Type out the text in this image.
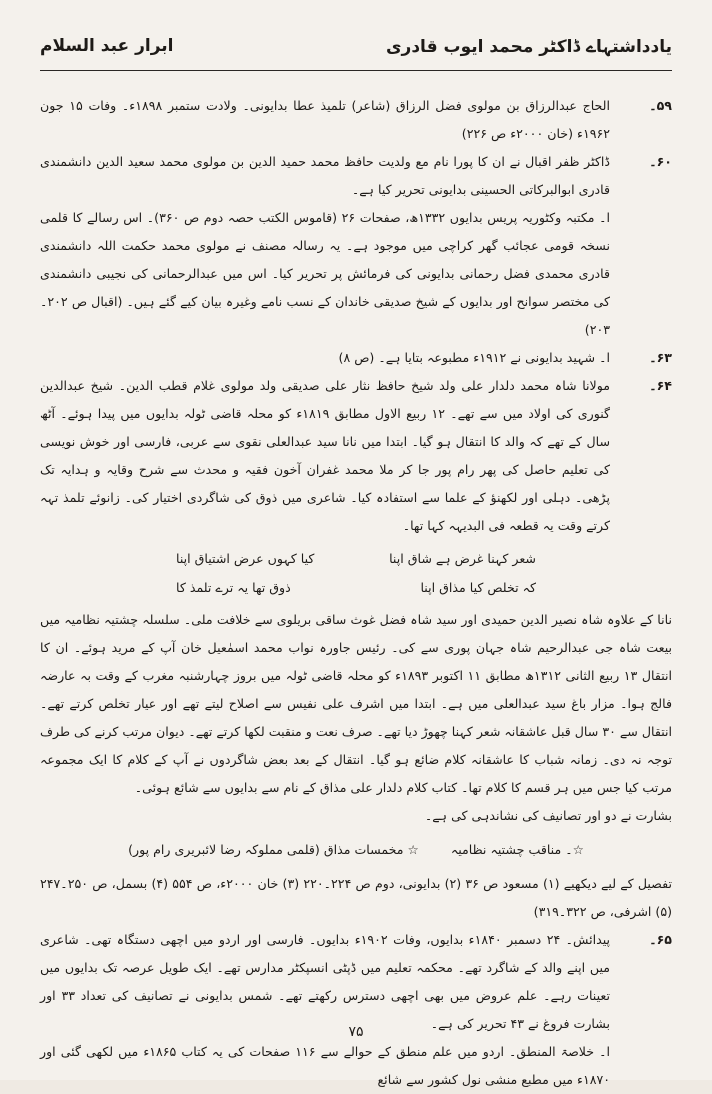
یادداشتہاے ڈاکٹر محمد ایوب قادری
ابرار عبد السلام
۵۹۔

الحاج عبدالرزاق بن مولوی فضل الرزاق (شاعر) تلمیذ عطا بدایونی۔ ولادت ستمبر ۱۸۹۸ء۔ وفات ۱۵ جون ۱۹۶۲ء (خان ۲۰۰۰ء ص ۲۲۶)

۶۰۔

ڈاکٹر ظفر اقبال نے ان کا پورا نام مع ولدیت حافظ محمد حمید الدین بن مولوی محمد سعید الدین دانشمندی قادری ابوالبرکاتی الحسینی بدایونی تحریر کیا ہے۔

ا۔ مکتبہ وکٹوریہ پریس بدایوں ۱۳۳۲ھ، صفحات ۲۶ (قاموس الکتب حصہ دوم ص ۳۶۰)۔ اس رسالے کا قلمی نسخہ قومی عجائب گھر کراچی میں موجود ہے۔ یہ رسالہ مصنف نے مولوی محمد حکمت اللہ دانشمندی قادری محمدی فضل رحمانی بدایونی کی فرمائش پر تحریر کیا۔ اس میں عبدالرحمانی کی نجیبی دانشمندی کی مختصر سوانح اور بدایوں کے شیخ صدیقی خاندان کے نسب نامے وغیرہ بیان کیے گئے ہیں۔ (اقبال ص ۲۰۲۔۲۰۳)

۶۳۔

ا۔ شہید بدایونی نے ۱۹۱۲ء مطبوعہ بتایا ہے۔ (ص ۸)

۶۴۔

مولانا شاہ محمد دلدار علی ولد شیخ حافظ نثار علی صدیقی ولد مولوی غلام قطب الدین۔ شیخ عبدالدین گنوری کی اولاد میں سے تھے۔ ۱۲ ربیع الاول مطابق ۱۸۱۹ء کو محلہ قاضی ٹولہ بدایوں میں پیدا ہوئے۔ آٹھ سال کے تھے کہ والد کا انتقال ہو گیا۔ ابتدا میں نانا سید عبدالعلی نقوی سے عربی، فارسی اور خوش نویسی کی تعلیم حاصل کی پھر رام پور جا کر ملا محمد غفران آخون فقیہ و محدث سے شرح وقایہ و ہدایہ تک پڑھی۔ دہلی اور لکھنؤ کے علما سے استفادہ کیا۔ شاعری میں ذوق کی شاگردی اختیار کی۔ زانوئے تلمذ تہہ کرتے وقت یہ قطعہ فی البدیہہ کہا تھا۔

شعر کہنا غرض ہے شاق اپنا
کیا کہوں عرض اشتیاق اپنا
کہ تخلص کیا مذاق اپنا
ذوق تھا یہ ترے تلمذ کا

نانا کے علاوہ شاہ نصیر الدین حمیدی اور سید شاہ فضل غوث ساقی بریلوی سے خلافت ملی۔ سلسلہ چشتیہ نظامیہ میں بیعت شاہ جی عبدالرحیم شاہ جہان پوری سے کی۔ رئیس جاورہ نواب محمد اسمٰعیل خان آپ کے مرید ہوئے۔ ان کا انتقال ۱۳ ربیع الثانی ۱۳۱۲ھ مطابق ۱۱ اکتوبر ۱۸۹۳ء کو محلہ قاضی ٹولہ میں بروز چہارشنبہ مغرب کے وقت بہ عارضہ فالج ہوا۔ مزار باغ سید عبدالعلی میں ہے۔ ابتدا میں اشرف علی نفیس سے اصلاح لیتے تھے اور عیار تخلص کرتے تھے۔ انتقال سے ۳۰ سال قبل عاشقانہ شعر کہنا چھوڑ دیا تھے۔ صرف نعت و منقبت لکھا کرتے تھے۔ دیوان مرتب کرنے کی طرف توجہ نہ دی۔ زمانہ شباب کا عاشقانہ کلام ضائع ہو گیا۔ انتقال کے بعد بعض شاگردوں نے آپ کے کلام کا ایک مجموعہ مرتب کیا جس میں ہر قسم کا کلام تھا۔ کتاب کلام دلدار علی مذاق کے نام سے بدایوں سے شائع ہوئی۔

بشارت نے دو اور تصانیف کی نشاندہی کی ہے۔

☆۔ مناقب چشتیہ نظامیہ ☆ مخمسات مذاق (قلمی مملوکہ رضا لائبریری رام پور)

تفصیل کے لیے دیکھیے (۱) مسعود ص ۳۶ (۲) بدایونی، دوم ص ۲۲۴۔۲۲۰ (۳) خان ۲۰۰۰ء، ص ۵۵۴ (۴) بسمل، ص ۲۵۰۔۲۴۷ (۵) اشرفی، ص ۳۲۲۔۳۱۹)

۶۵۔

پیدائش۔ ۲۴ دسمبر ۱۸۴۰ء بدایوں، وفات ۱۹۰۲ء بدایوں۔ فارسی اور اردو میں اچھی دستگاہ تھی۔ شاعری میں اپنے والد کے شاگرد تھے۔ محکمہ تعلیم میں ڈپٹی انسپکٹر مدارس تھے۔ ایک طویل عرصہ تک بدایوں میں تعینات رہے۔ علم عروض میں بھی اچھی دسترس رکھتے تھے۔ شمس بدایونی نے تصانیف کی تعداد ۳۳ اور بشارت فروغ نے ۴۳ تحریر کی ہے۔

ا۔ خلاصۃ المنطق۔ اردو میں علم منطق کے حوالے سے ۱۱۶ صفحات کی یہ کتاب ۱۸۶۵ء میں لکھی گئی اور ۱۸۷۰ء میں مطبع منشی نول کشور سے شائع

۷۵
